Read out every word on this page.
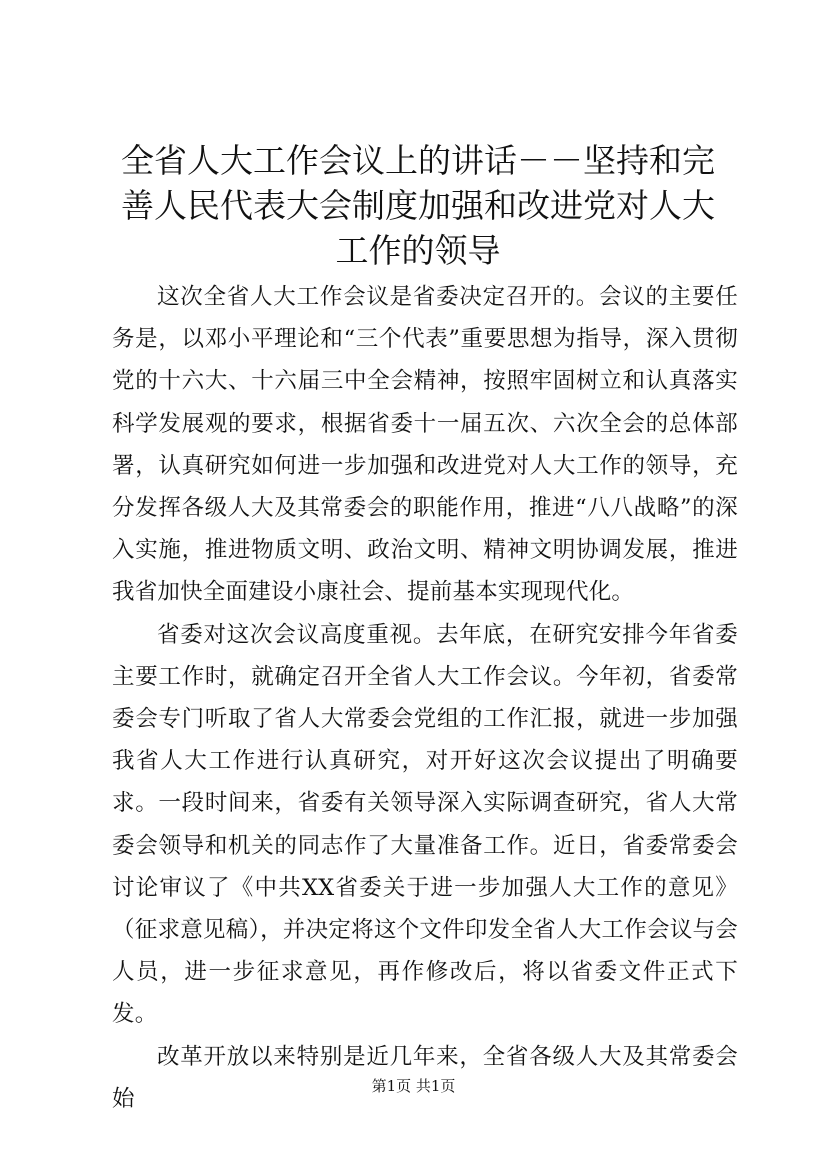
全省人大工作会议上的讲话－－坚持和完善人民代表大会制度加强和改进党对人大工作的领导

这次全省人大工作会议是省委决定召开的。会议的主要任务是，以邓小平理论和“三个代表”重要思想为指导，深入贯彻党的十六大、十六届三中全会精神，按照牢固树立和认真落实科学发展观的要求，根据省委十一届五次、六次全会的总体部署，认真研究如何进一步加强和改进党对人大工作的领导，充分发挥各级人大及其常委会的职能作用，推进“八八战略”的深入实施，推进物质文明、政治文明、精神文明协调发展，推进我省加快全面建设小康社会、提前基本实现现代化。

省委对这次会议高度重视。去年底，在研究安排今年省委主要工作时，就确定召开全省人大工作会议。今年初，省委常委会专门听取了省人大常委会党组的工作汇报，就进一步加强我省人大工作进行认真研究，对开好这次会议提出了明确要求。一段时间来，省委有关领导深入实际调查研究，省人大常委会领导和机关的同志作了大量准备工作。近日，省委常委会讨论审议了《中共XX省委关于进一步加强人大工作的意见》（征求意见稿），并决定将这个文件印发全省人大工作会议与会人员，进一步征求意见，再作修改后，将以省委文件正式下发。

改革开放以来特别是近几年来，全省各级人大及其常委会始	第1页 共1页
